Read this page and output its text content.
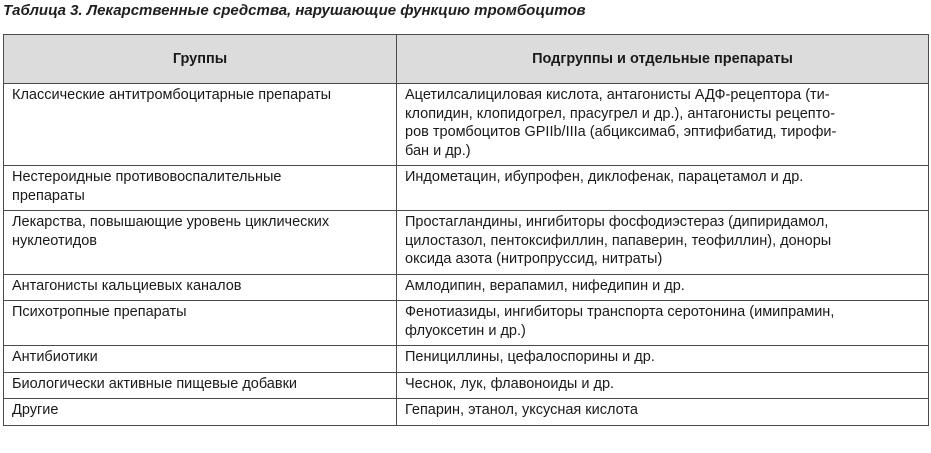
Таблица 3. Лекарственные средства, нарушающие функцию тромбоцитов
Группы	Подгруппы и отдельные препараты

Классические антитромбоцитарные препараты	Ацетилсалициловая кислота, антагонисты АДФ-рецептора (ти-
клопидин, клопидогрел, прасугрел и др.), антагонисты рецепто-
ров тромбоцитов GPIIb/IIIa (абциксимаб, эптифибатид, тирофи-
бан и др.)

Нестероидные противовоспалительные
препараты	Индометацин, ибупрофен, диклофенак, парацетамол и др.

Лекарства, повышающие уровень циклических
нуклеотидов	Простагландины, ингибиторы фосфодиэстераз (дипиридамол,
цилостазол, пентоксифиллин, папаверин, теофиллин), доноры
оксида азота (нитропруссид, нитраты)

Антагонисты кальциевых каналов	Амлодипин, верапамил, нифедипин и др.

Психотропные препараты	Фенотиазиды, ингибиторы транспорта серотонина (имипрамин,
флуоксетин и др.)

Антибиотики	Пенициллины, цефалоспорины и др.

Биологически активные пищевые добавки	Чеснок, лук, флавоноиды и др.

Другие	Гепарин, этанол, уксусная кислота
